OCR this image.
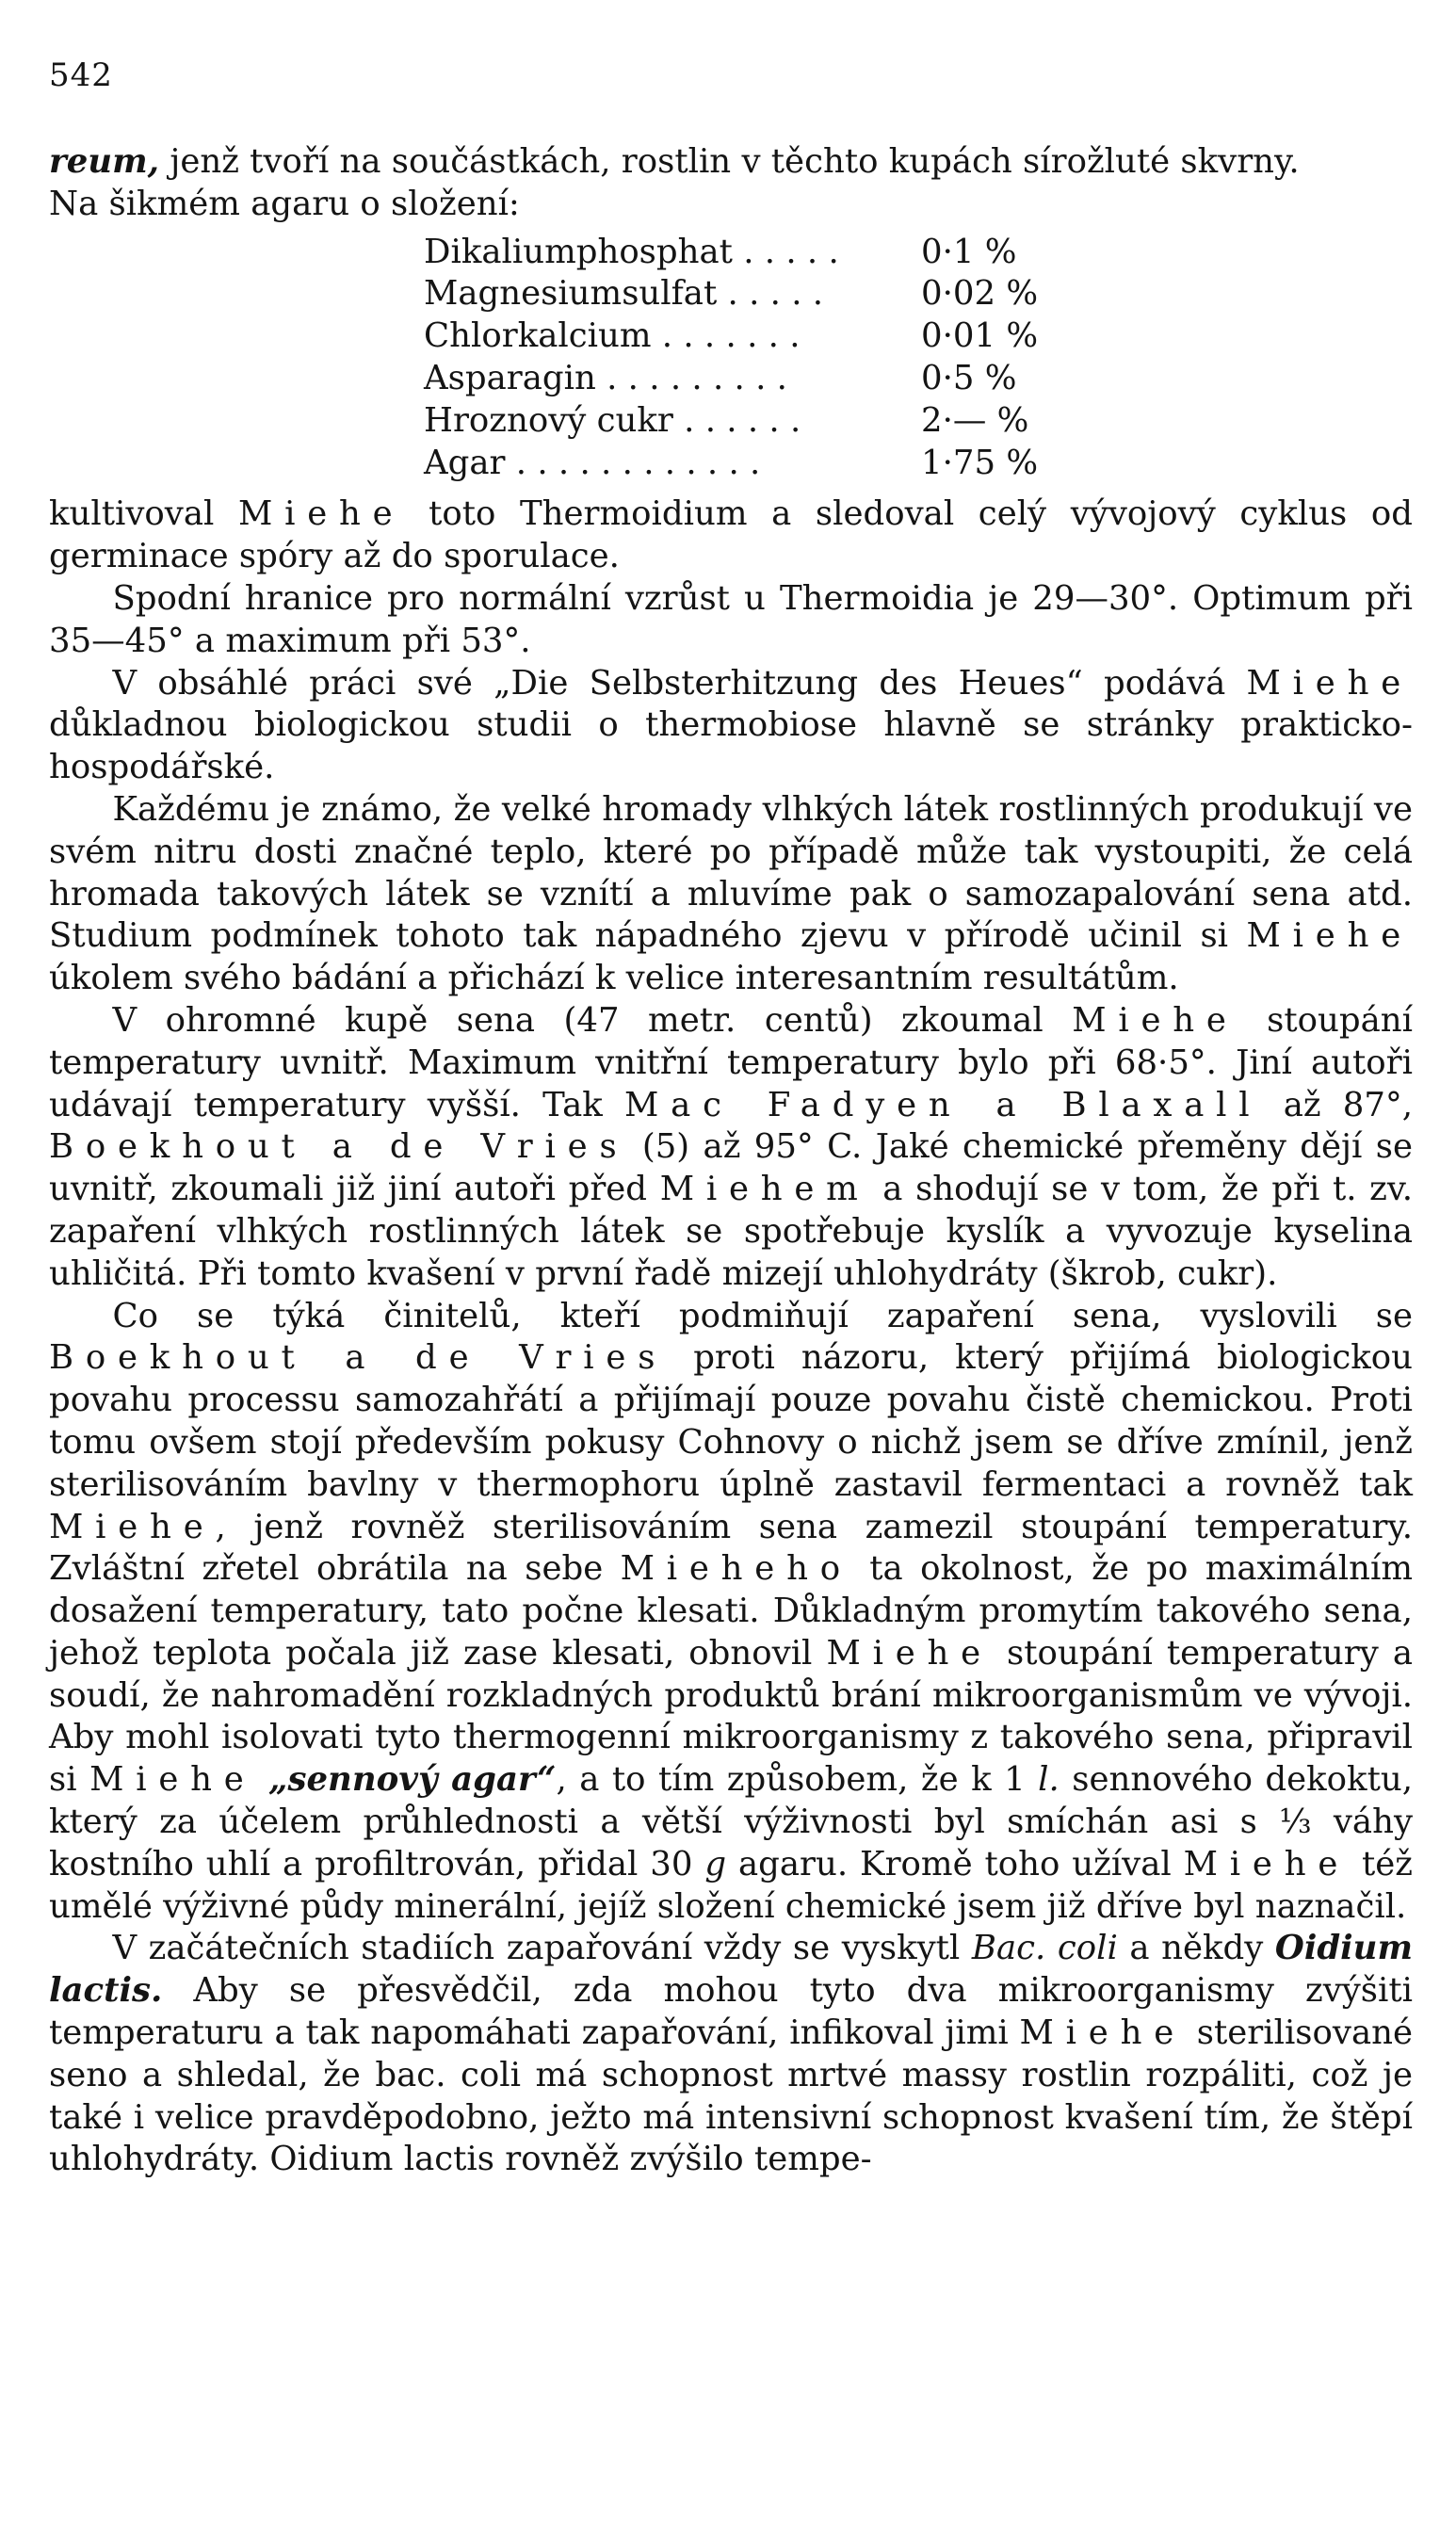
542

reum, jenž tvoří na součástkách, rostlin v těchto kupách sírožluté skvrny.
Na šikmém agaru o složení:

Dikaliumphosphat . . . . .	0·1 %
Magnesiumsulfat . . . . .	0·02 %
Chlorkalcium . . . . . . .	0·01 %
Asparagin . . . . . . . . .	0·5 %
Hroznový cukr . . . . . .	2·— %
Agar . . . . . . . . . . . .	1·75 %

kultivoval Miehe toto Thermoidium a sledoval celý vývojový cyklus od germinace spóry až do sporulace.

Spodní hranice pro normální vzrůst u Thermoidia je 29—30°. Optimum při 35—45° a maximum při 53°.

V obsáhlé práci své „Die Selbsterhitzung des Heues“ podává Miehe důkladnou biologickou studii o thermobiose hlavně se stránky prakticko-hospodářské.

Každému je známo, že velké hromady vlhkých látek rostlinných produkují ve svém nitru dosti značné teplo, které po případě může tak vystoupiti, že celá hromada takových látek se vznítí a mluvíme pak o samozapalování sena atd. Studium podmínek tohoto tak nápadného zjevu v přírodě učinil si Miehe úkolem svého bádání a přichází k velice interesantním resultátům.

V ohromné kupě sena (47 metr. centů) zkoumal Miehe stoupání temperatury uvnitř. Maximum vnitřní temperatury bylo při 68·5°. Jiní autoři udávají temperatury vyšší. Tak Mac Fadyen a Blaxall až 87°, Boekhout a de Vries (5) až 95° C. Jaké chemické přeměny dějí se uvnitř, zkoumali již jiní autoři před Miehem a shodují se v tom, že při t. zv. zapaření vlhkých rostlinných látek se spotřebuje kyslík a vyvozuje kyselina uhličitá. Při tomto kvašení v první řadě mizejí uhlohydráty (škrob, cukr).

Co se týká činitelů, kteří podmiňují zapaření sena, vyslovili se Boekhout a de Vries proti názoru, který přijímá biologickou povahu processu samozahřátí a přijímají pouze povahu čistě chemickou. Proti tomu ovšem stojí především pokusy Cohnovy o nichž jsem se dříve zmínil, jenž sterilisováním bavlny v thermophoru úplně zastavil fermentaci a rovněž tak Miehe, jenž rovněž sterilisováním sena zamezil stoupání temperatury. Zvláštní zřetel obrátila na sebe Mieheho ta okolnost, že po maximálním dosažení temperatury, tato počne klesati. Důkladným promytím takového sena, jehož teplota počala již zase klesati, obnovil Miehe stoupání temperatury a soudí, že nahromadění rozkladných produktů brání mikroorganismům ve vývoji. Aby mohl isolovati tyto thermogenní mikroorganismy z takového sena, připravil si Miehe „sennový agar“, a to tím způsobem, že k 1 l. sennového dekoktu, který za účelem průhlednosti a větší výživnosti byl smíchán asi s ⅓ váhy kostního uhlí a profiltrován, přidal 30 g agaru. Kromě toho užíval Miehe též umělé výživné půdy minerální, jejíž složení chemické jsem již dříve byl naznačil.

V začátečních stadiích zapařování vždy se vyskytl Bac. coli a někdy Oidium lactis. Aby se přesvědčil, zda mohou tyto dva mikroorganismy zvýšiti temperaturu a tak napomáhati zapařování, infikoval jimi Miehe sterilisované seno a shledal, že bac. coli má schopnost mrtvé massy rostlin rozpáliti, což je také i velice pravděpodobno, ježto má intensivní schopnost kvašení tím, že štěpí uhlohydráty. Oidium lactis rovněž zvýšilo tempe-
